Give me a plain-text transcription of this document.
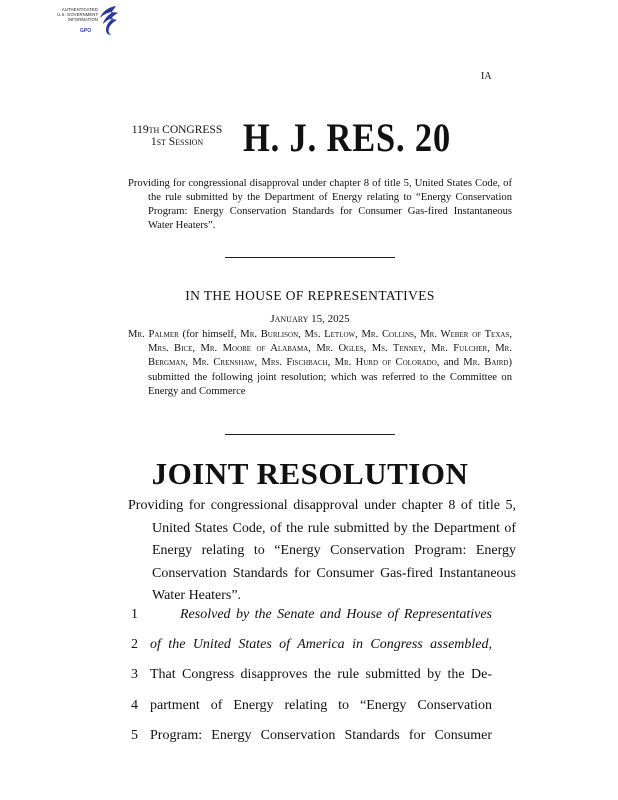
AUTHENTICATED
U.S. GOVERNMENT
INFORMATION
GPO
IA
119th CONGRESS
1st Session H. J. RES. 20
Providing for congressional disapproval under chapter 8 of title 5, United States Code, of the rule submitted by the Department of Energy relating to “Energy Conservation Program: Energy Conservation Standards for Consumer Gas-fired Instantaneous Water Heaters”.
IN THE HOUSE OF REPRESENTATIVES
January 15, 2025
Mr. Palmer (for himself, Mr. Burlison, Ms. Letlow, Mr. Collins, Mr. Weber of Texas, Mrs. Bice, Mr. Moore of Alabama, Mr. Ogles, Ms. Tenney, Mr. Fulcher, Mr. Bergman, Mr. Crenshaw, Mrs. Fischbach, Mr. Hurd of Colorado, and Mr. Baird) submitted the following joint resolution; which was referred to the Committee on Energy and Commerce
JOINT RESOLUTION
Providing for congressional disapproval under chapter 8 of title 5, United States Code, of the rule submitted by the Department of Energy relating to “Energy Conservation Program: Energy Conservation Standards for Consumer Gas-fired Instantaneous Water Heaters”.
1	Resolved by the Senate and House of Representatives
2 of the United States of America in Congress assembled,
3 That Congress disapproves the rule submitted by the De-
4 partment of Energy relating to “Energy Conservation
5 Program: Energy Conservation Standards for Consumer
